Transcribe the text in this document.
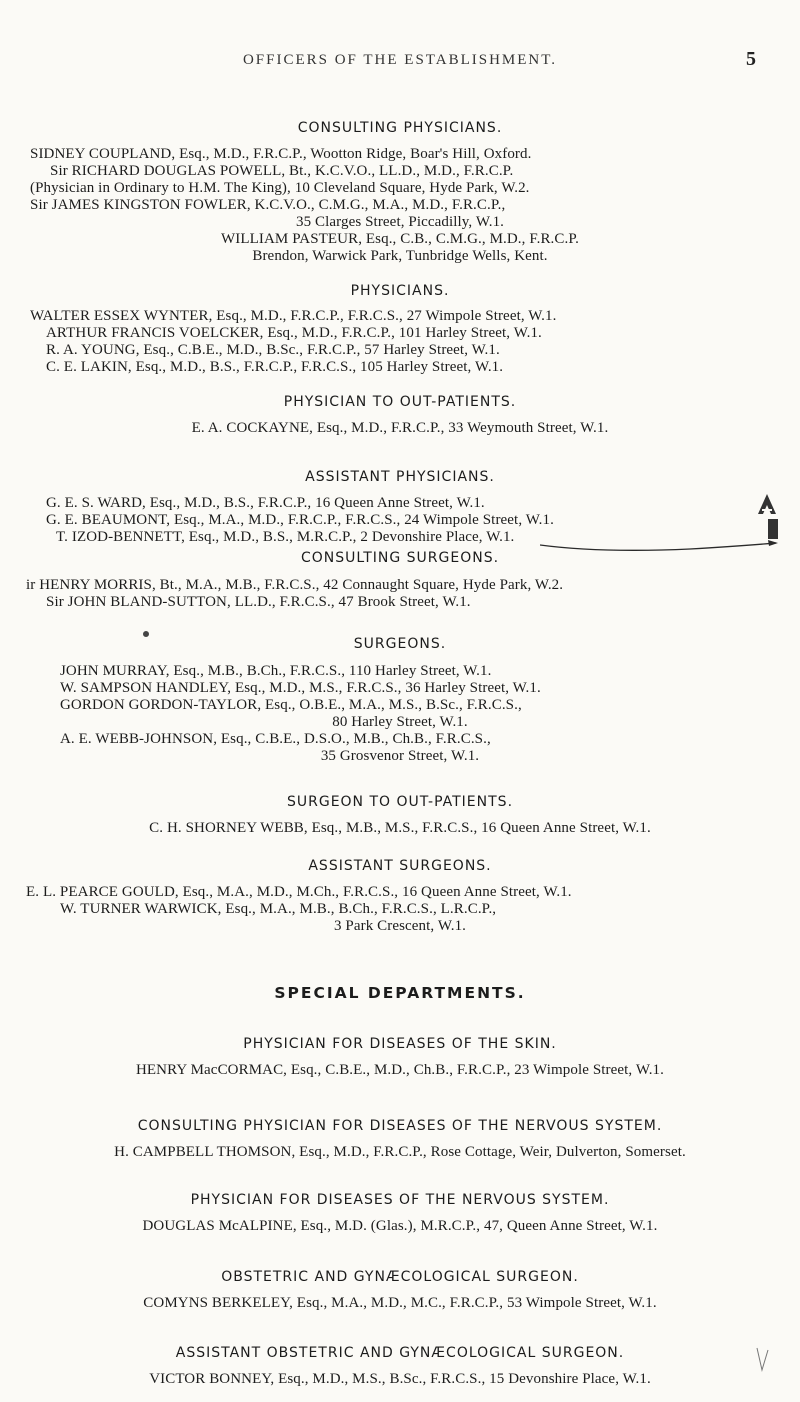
OFFICERS OF THE ESTABLISHMENT.	5
CONSULTING PHYSICIANS.
SIDNEY COUPLAND, Esq., M.D., F.R.C.P., Wootton Ridge, Boar's Hill, Oxford.
Sir RICHARD DOUGLAS POWELL, Bt., K.C.V.O., LL.D., M.D., F.R.C.P.
(Physician in Ordinary to H.M. The King), 10 Cleveland Square, Hyde Park, W.2.
Sir JAMES KINGSTON FOWLER, K.C.V.O., C.M.G., M.A., M.D., F.R.C.P.,
35 Clarges Street, Piccadilly, W.1.
WILLIAM PASTEUR, Esq., C.B., C.M.G., M.D., F.R.C.P.
Brendon, Warwick Park, Tunbridge Wells, Kent.
PHYSICIANS.
WALTER ESSEX WYNTER, Esq., M.D., F.R.C.P., F.R.C.S., 27 Wimpole Street, W.1.
ARTHUR FRANCIS VOELCKER, Esq., M.D., F.R.C.P., 101 Harley Street, W.1.
R. A. YOUNG, Esq., C.B.E., M.D., B.Sc., F.R.C.P., 57 Harley Street, W.1.
C. E. LAKIN, Esq., M.D., B.S., F.R.C.P., F.R.C.S., 105 Harley Street, W.1.
PHYSICIAN TO OUT-PATIENTS.
E. A. COCKAYNE, Esq., M.D., F.R.C.P., 33 Weymouth Street, W.1.
ASSISTANT PHYSICIANS.
G. E. S. WARD, Esq., M.D., B.S., F.R.C.P., 16 Queen Anne Street, W.1.
G. E. BEAUMONT, Esq., M.A., M.D., F.R.C.P., F.R.C.S., 24 Wimpole Street, W.1.
T. IZOD-BENNETT, Esq., M.D., B.S., M.R.C.P., 2 Devonshire Place, W.1.
CONSULTING SURGEONS.
ir HENRY MORRIS, Bt., M.A., M.B., F.R.C.S., 42 Connaught Square, Hyde Park, W.2.
Sir JOHN BLAND-SUTTON, LL.D., F.R.C.S., 47 Brook Street, W.1.
SURGEONS.
JOHN MURRAY, Esq., M.B., B.Ch., F.R.C.S., 110 Harley Street, W.1.
W. SAMPSON HANDLEY, Esq., M.D., M.S., F.R.C.S., 36 Harley Street, W.1.
GORDON GORDON-TAYLOR, Esq., O.B.E., M.A., M.S., B.Sc., F.R.C.S.,
80 Harley Street, W.1.
A. E. WEBB-JOHNSON, Esq., C.B.E., D.S.O., M.B., Ch.B., F.R.C.S.,
35 Grosvenor Street, W.1.
SURGEON TO OUT-PATIENTS.
C. H. SHORNEY WEBB, Esq., M.B., M.S., F.R.C.S., 16 Queen Anne Street, W.1.
ASSISTANT SURGEONS.
E. L. PEARCE GOULD, Esq., M.A., M.D., M.Ch., F.R.C.S., 16 Queen Anne Street, W.1.
W. TURNER WARWICK, Esq., M.A., M.B., B.Ch., F.R.C.S., L.R.C.P.,
3 Park Crescent, W.1.
SPECIAL DEPARTMENTS.
PHYSICIAN FOR DISEASES OF THE SKIN.
HENRY MacCORMAC, Esq., C.B.E., M.D., Ch.B., F.R.C.P., 23 Wimpole Street, W.1.
CONSULTING PHYSICIAN FOR DISEASES OF THE NERVOUS SYSTEM.
H. CAMPBELL THOMSON, Esq., M.D., F.R.C.P., Rose Cottage, Weir, Dulverton, Somerset.
PHYSICIAN FOR DISEASES OF THE NERVOUS SYSTEM.
DOUGLAS McALPINE, Esq., M.D. (Glas.), M.R.C.P., 47, Queen Anne Street, W.1.
OBSTETRIC AND GYNÆCOLOGICAL SURGEON.
COMYNS BERKELEY, Esq., M.A., M.D., M.C., F.R.C.P., 53 Wimpole Street, W.1.
ASSISTANT OBSTETRIC AND GYNÆCOLOGICAL SURGEON.
VICTOR BONNEY, Esq., M.D., M.S., B.Sc., F.R.C.S., 15 Devonshire Place, W.1.
